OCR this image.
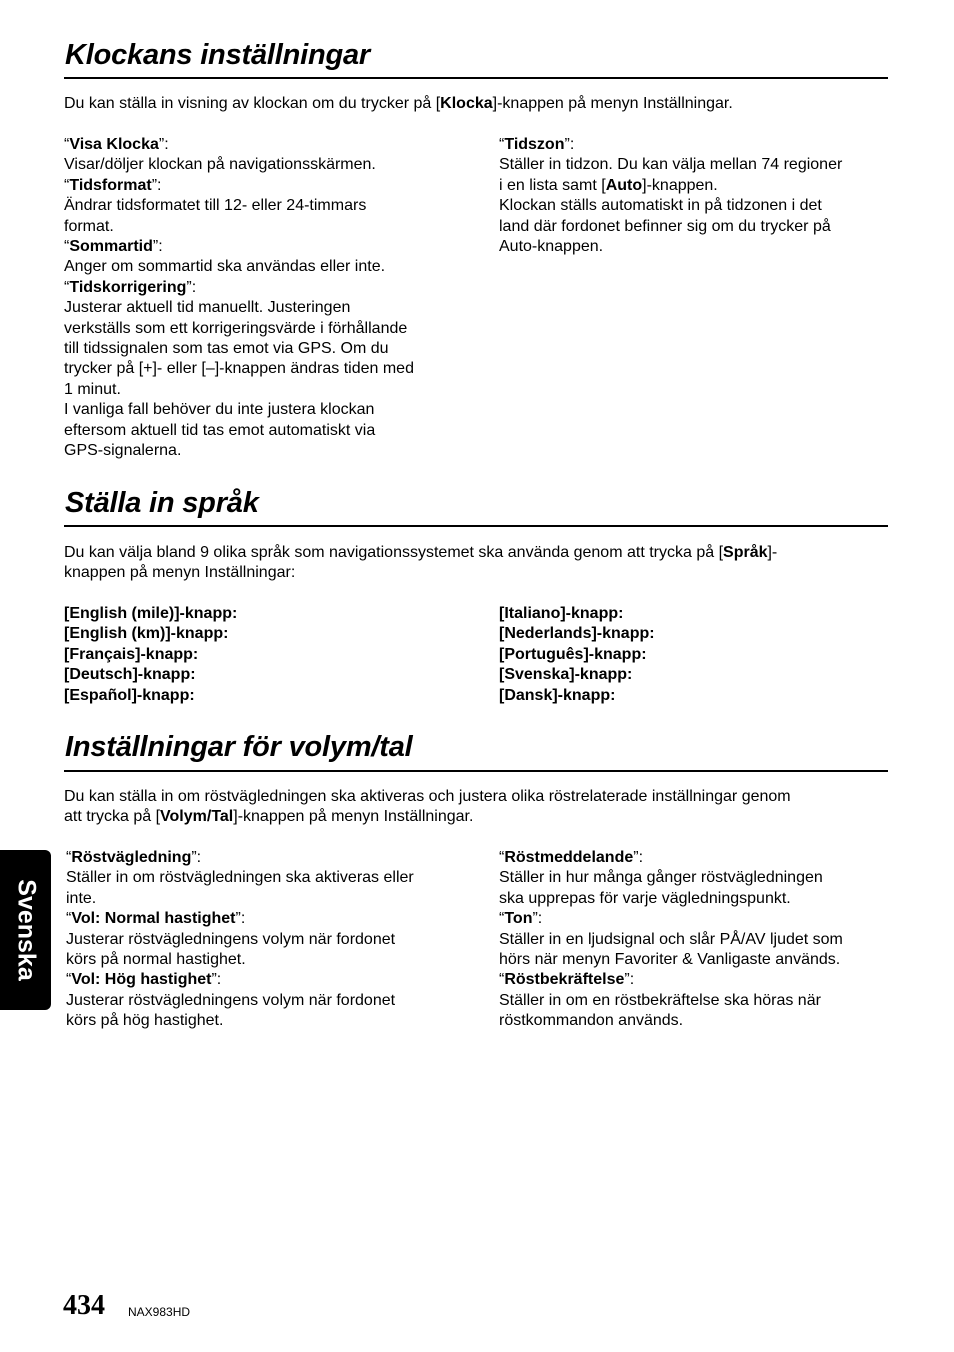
Klockans inställningar

Du kan ställa in visning av klockan om du trycker på [Klocka]-knappen på menyn Inställningar.

“Visa Klocka”:
Visar/döljer klockan på navigationsskärmen.
“Tidsformat”:
Ändrar tidsformatet till 12- eller 24-timmars
format.
“Sommartid”:
Anger om sommartid ska användas eller inte.
“Tidskorrigering”:
Justerar aktuell tid manuellt. Justeringen
verkställs som ett korrigeringsvärde i förhållande
till tidssignalen som tas emot via GPS. Om du
trycker på [+]- eller [–]-knappen ändras tiden med
1 minut.
I vanliga fall behöver du inte justera klockan
eftersom aktuell tid tas emot automatiskt via
GPS-signalerna.
“Tidszon”:
Ställer in tidzon. Du kan välja mellan 74 regioner
i en lista samt [Auto]-knappen.
Klockan ställs automatiskt in på tidzonen i det
land där fordonet befinner sig om du trycker på
Auto-knappen.
Ställa in språk
Du kan välja bland 9 olika språk som navigationssystemet ska använda genom att trycka på [Språk]-
knappen på menyn Inställningar:
[English (mile)]-knapp:
[English (km)]-knapp:
[Français]-knapp:
[Deutsch]-knapp:
[Español]-knapp:
[Italiano]-knapp:
[Nederlands]-knapp:
[Português]-knapp:
[Svenska]-knapp:
[Dansk]-knapp:
Inställningar för volym/tal
Du kan ställa in om röstvägledningen ska aktiveras och justera olika röstrelaterade inställningar genom
att trycka på [Volym/Tal]-knappen på menyn Inställningar.
“Röstvägledning”:
Ställer in om röstvägledningen ska aktiveras eller
inte.
“Vol: Normal hastighet”:
Justerar röstvägledningens volym när fordonet
körs på normal hastighet.
“Vol: Hög hastighet”:
Justerar röstvägledningens volym när fordonet
körs på hög hastighet.
“Röstmeddelande”:
Ställer in hur många gånger röstvägledningen
ska upprepas för varje vägledningspunkt.
“Ton”:
Ställer in en ljudsignal och slår PÅ/AV ljudet som
hörs när menyn Favoriter & Vanligaste används.
“Röstbekräftelse”:
Ställer in om en röstbekräftelse ska höras när
röstkommandon används.
Svenska
434 NAX983HD
